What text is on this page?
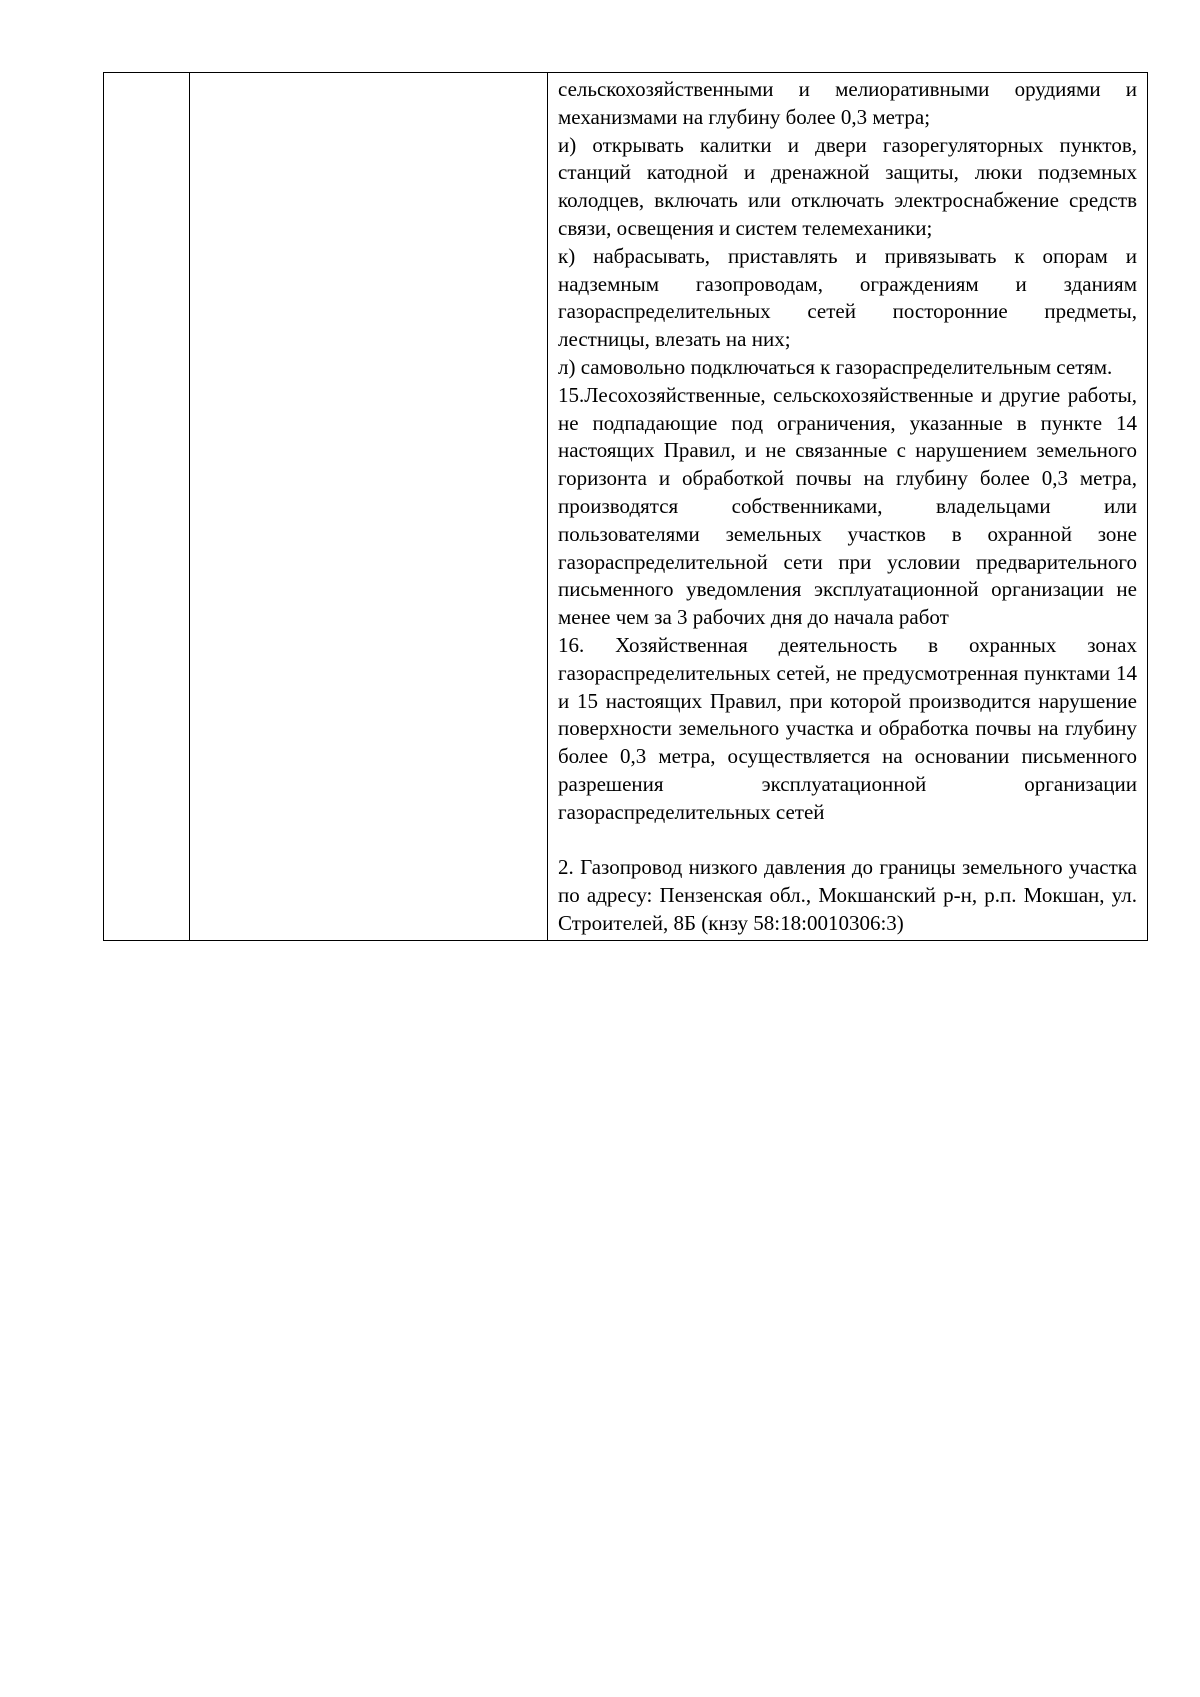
сельскохозяйственными и мелиоративными орудиями и механизмами на глубину более 0,3 метра;

и) открывать калитки и двери газорегуляторных пунктов, станций катодной и дренажной защиты, люки подземных колодцев, включать или отключать электроснабжение средств связи, освещения и систем телемеханики;

к) набрасывать, приставлять и привязывать к опорам и надземным газопроводам, ограждениям и зданиям газораспределительных сетей посторонние предметы, лестницы, влезать на них;

л) самовольно подключаться к газораспределительным сетям.

15.Лесохозяйственные, сельскохозяйственные и другие работы, не подпадающие под ограничения, указанные в пункте 14 настоящих Правил, и не связанные с нарушением земельного горизонта и обработкой почвы на глубину более 0,3 метра, производятся собственниками, владельцами или пользователями земельных участков в охранной зоне газораспределительной сети при условии предварительного письменного уведомления эксплуатационной организации не менее чем за 3 рабочих дня до начала работ

16. Хозяйственная деятельность в охранных зонах газораспределительных сетей, не предусмотренная пунктами 14 и 15 настоящих Правил, при которой производится нарушение поверхности земельного участка и обработка почвы на глубину более 0,3 метра, осуществляется на основании письменного разрешения эксплуатационной организации газораспределительных сетей

2. Газопровод низкого давления до границы земельного участка по адресу: Пензенская обл., Мокшанский р-н, р.п. Мокшан, ул. Строителей, 8Б (кнзу 58:18:0010306:3)
